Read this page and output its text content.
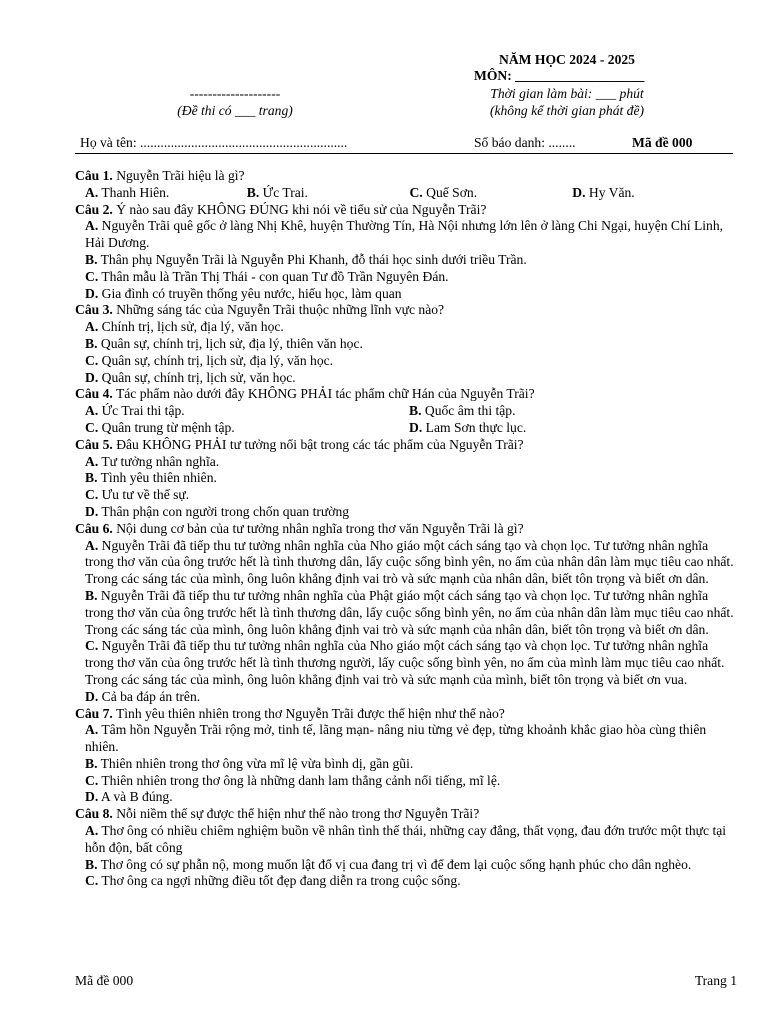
NĂM HỌC 2024 - 2025
MÔN: ___________________
--------------------	Thời gian làm bài: ___ phút
(Đề thi có ___ trang)	(không kể thời gian phát đề)
Họ và tên: .............................................................	Số báo danh: ........	Mã đề 000
Câu 1. Nguyễn Trãi hiệu là gì?
A. Thanh Hiên.	B. Ức Trai.	C. Quế Sơn.	D. Hy Văn.
Câu 2. Ý nào sau đây KHÔNG ĐÚNG khi nói về tiểu sử của Nguyễn Trãi?
A. Nguyễn Trãi quê gốc ở làng Nhị Khê, huyện Thường Tín, Hà Nội nhưng lớn lên ở làng Chi Ngại, huyện Chí Linh, Hải Dương.
B. Thân phụ Nguyễn Trãi là Nguyễn Phi Khanh, đỗ thái học sinh dưới triều Trần.
C. Thân mẫu là Trần Thị Thái - con quan Tư đồ Trần Nguyên Đán.
D. Gia đình có truyền thống yêu nước, hiếu học, làm quan
Câu 3. Những sáng tác của Nguyễn Trãi thuộc những lĩnh vực nào?
A. Chính trị, lịch sử, địa lý, văn học.
B. Quân sự, chính trị, lịch sử, địa lý, thiên văn học.
C. Quân sự, chính trị, lịch sử, địa lý, văn học.
D. Quân sự, chính trị, lịch sử, văn học.
Câu 4. Tác phẩm nào dưới đây KHÔNG PHẢI tác phẩm chữ Hán của Nguyễn Trãi?
A. Ức Trai thi tập.	B. Quốc âm thi tập.
C. Quân trung từ mệnh tập.	D. Lam Sơn thực lục.
Câu 5. Đâu KHÔNG PHẢI tư tưởng nổi bật trong các tác phẩm của Nguyễn Trãi?
A. Tư tưởng nhân nghĩa.
B. Tình yêu thiên nhiên.
C. Ưu tư về thế sự.
D. Thân phận con người trong chốn quan trường
Câu 6. Nội dung cơ bản của tư tưởng nhân nghĩa trong thơ văn Nguyễn Trãi là gì?
A. Nguyễn Trãi đã tiếp thu tư tưởng nhân nghĩa của Nho giáo một cách sáng tạo và chọn lọc. Tư tưởng nhân nghĩa trong thơ văn của ông trước hết là tình thương dân, lấy cuộc sống bình yên, no ấm của nhân dân làm mục tiêu cao nhất. Trong các sáng tác của mình, ông luôn khẳng định vai trò và sức mạnh của nhân dân, biết tôn trọng và biết ơn dân.
B. Nguyễn Trãi đã tiếp thu tư tưởng nhân nghĩa của Phật giáo một cách sáng tạo và chọn lọc. Tư tưởng nhân nghĩa trong thơ văn của ông trước hết là tình thương dân, lấy cuộc sống bình yên, no ấm của nhân dân làm mục tiêu cao nhất. Trong các sáng tác của mình, ông luôn khẳng định vai trò và sức mạnh của nhân dân, biết tôn trọng và biết ơn dân.
C. Nguyễn Trãi đã tiếp thu tư tưởng nhân nghĩa của Nho giáo một cách sáng tạo và chọn lọc. Tư tưởng nhân nghĩa trong thơ văn của ông trước hết là tình thương người, lấy cuộc sống bình yên, no ấm của mình làm mục tiêu cao nhất. Trong các sáng tác của mình, ông luôn khẳng định vai trò và sức mạnh của mình, biết tôn trọng và biết ơn vua.
D. Cả ba đáp án trên.
Câu 7. Tình yêu thiên nhiên trong thơ Nguyễn Trãi được thể hiện như thế nào?
A. Tâm hồn Nguyễn Trãi rộng mở, tinh tế, lãng mạn- nâng niu từng vẻ đẹp, từng khoảnh khắc giao hòa cùng thiên nhiên.
B. Thiên nhiên trong thơ ông vừa mĩ lệ vừa bình dị, gần gũi.
C. Thiên nhiên trong thơ ông là những danh lam thắng cảnh nổi tiếng, mĩ lệ.
D. A và B đúng.
Câu 8. Nỗi niềm thế sự được thể hiện như thế nào trong thơ Nguyễn Trãi?
A. Thơ ông có nhiều chiêm nghiệm buồn về nhân tình thế thái, những cay đắng, thất vọng, đau đớn trước một thực tại hỗn độn, bất công
B. Thơ ông có sự phẫn nộ, mong muốn lật đổ vị cua đang trị vì để đem lại cuộc sống hạnh phúc cho dân nghèo.
C. Thơ ông ca ngợi những điều tốt đẹp đang diễn ra trong cuộc sống.
Mã đề 000	Trang 1
